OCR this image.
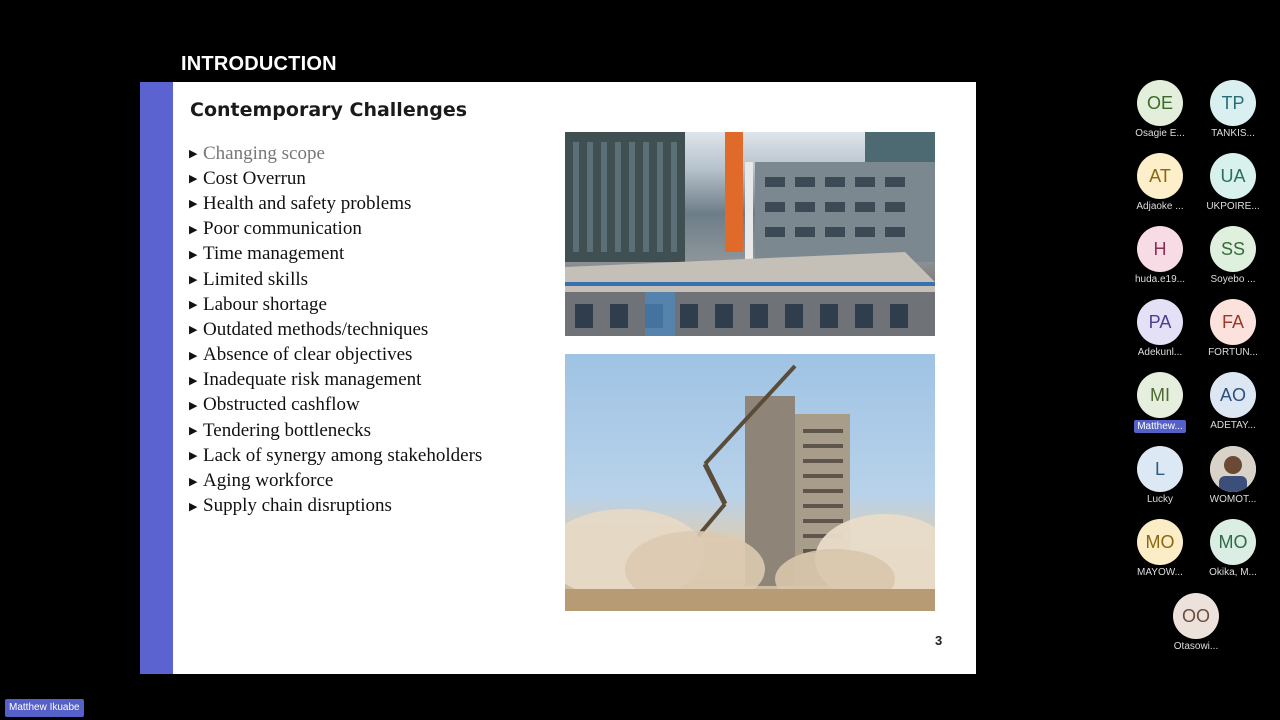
INTRODUCTION
Contemporary Challenges
▶ Changing scope
▶ Cost Overrun
▶ Health and safety problems
▶ Poor communication
▶ Time management
▶ Limited skills
▶ Labour shortage
▶ Outdated methods/techniques
▶ Absence of clear objectives
▶ Inadequate risk management
▶ Obstructed cashflow
▶ Tendering bottlenecks
▶ Lack of synergy among stakeholders
▶ Aging workforce
▶ Supply chain disruptions
3
Matthew Ikuabe
OE
Osagie E...
TP
TANKIS...
AT
Adjaoke ...
UA
UKPOIRE...
H
huda.e19...
SS
Soyebo ...
PA
Adekunl...
FA
FORTUN...
MI
Matthew...
AO
ADETAY...
L
Lucky	WOMOT...
MO
MAYOW...
MO
Okika, M...
OO
Otasowi...
